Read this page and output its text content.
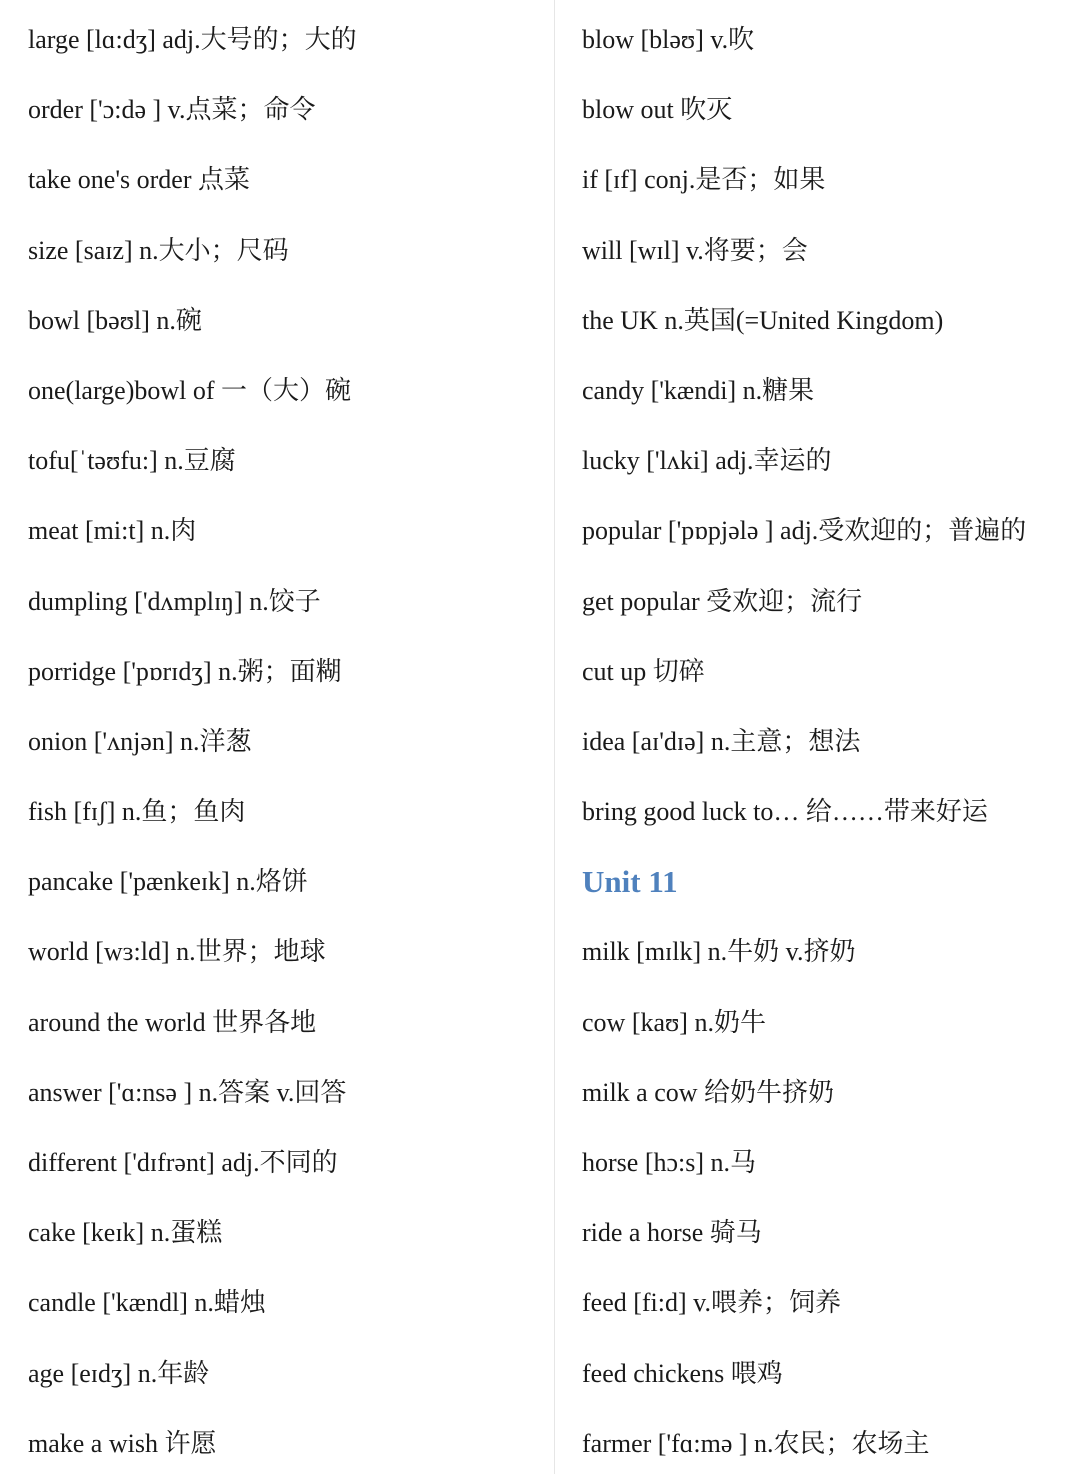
large [lɑ:dʒ] adj.大号的；大的
order ['ɔ:də ] v.点菜；命令
take one's order 点菜
size [saɪz] n.大小；尺码
bowl [bəʊl] n.碗
one(large)bowl of 一（大）碗
tofu[ˈtəʊfu:] n.豆腐
meat [mi:t] n.肉
dumpling ['dʌmplɪŋ] n.饺子
porridge ['pɒrɪdʒ] n.粥；面糊
onion ['ʌnjən] n.洋葱
fish [fɪʃ] n.鱼；鱼肉
pancake ['pænkeɪk] n.烙饼
world [wɜ:ld] n.世界；地球
around the world 世界各地
answer ['ɑ:nsə ] n.答案 v.回答
different ['dɪfrənt] adj.不同的
cake [keɪk] n.蛋糕
candle ['kændl] n.蜡烛
age [eɪdʒ] n.年龄
make a wish 许愿
blow [bləʊ] v.吹
blow out 吹灭
if [ɪf] conj.是否；如果
will [wɪl] v.将要；会
the UK n.英国(=United Kingdom)
candy ['kændi] n.糖果
lucky ['lʌki] adj.幸运的
popular ['pɒpjələ ] adj.受欢迎的；普遍的
get popular 受欢迎；流行
cut up 切碎
idea [aɪ'dɪə] n.主意；想法
bring good luck to… 给……带来好运
Unit 11
milk [mɪlk] n.牛奶 v.挤奶
cow [kaʊ] n.奶牛
milk a cow 给奶牛挤奶
horse [hɔ:s] n.马
ride a horse 骑马
feed [fi:d] v.喂养；饲养
feed chickens 喂鸡
farmer ['fɑ:mə ] n.农民；农场主
